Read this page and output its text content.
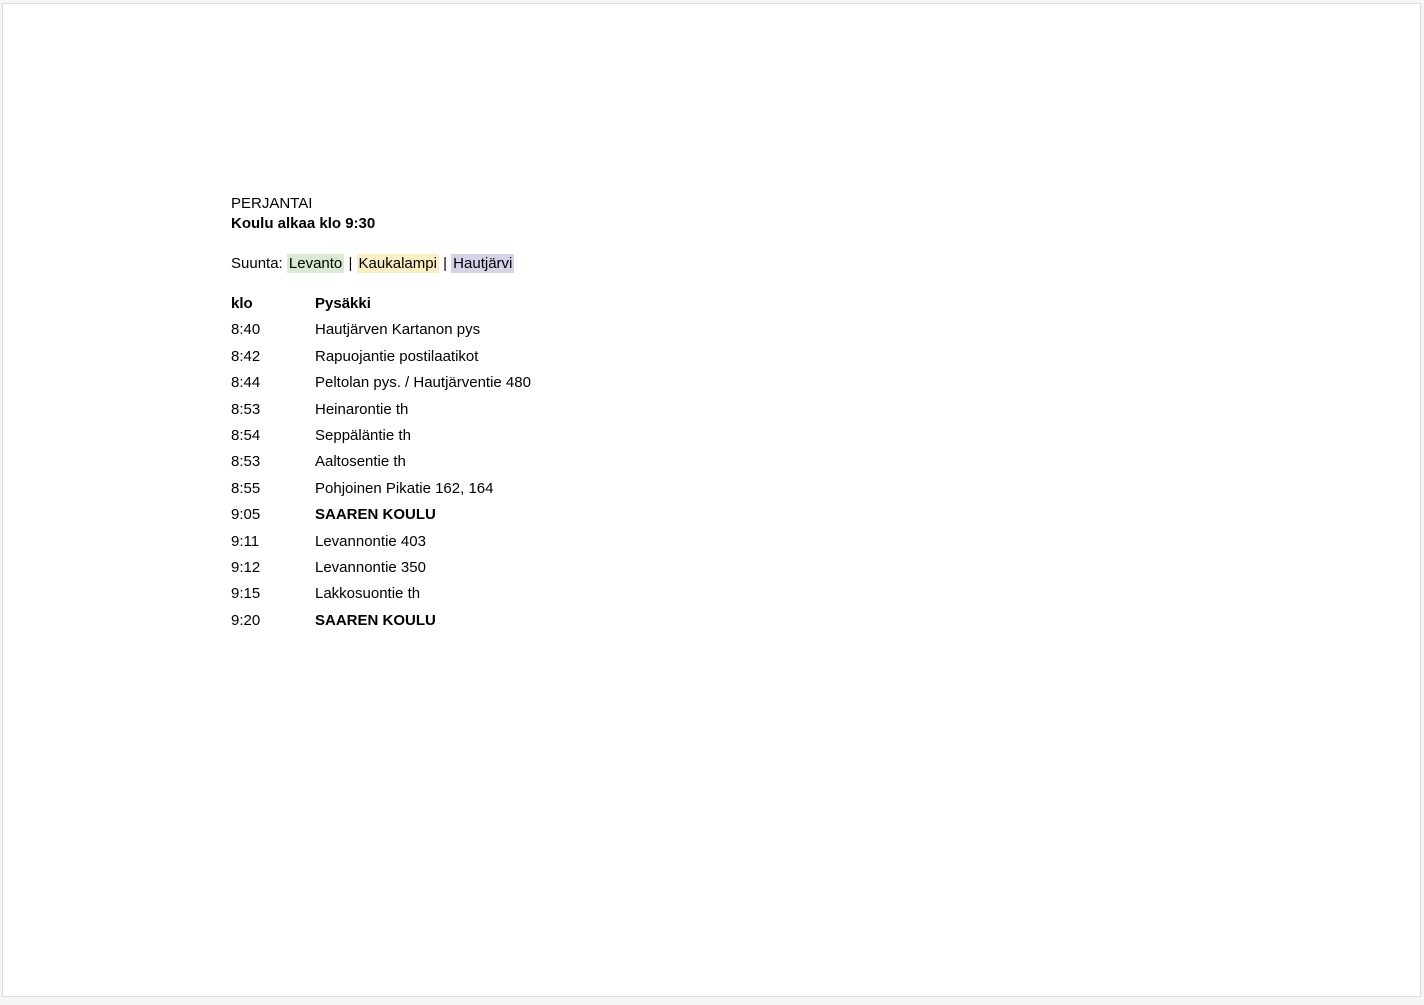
PERJANTAI
Koulu alkaa klo 9:30
Suunta: Levanto | Kaukalampi | Hautjärvi
klo	Pysäkki
8:40	Hautjärven Kartanon pys
8:42	Rapuojantie postilaatikot
8:44	Peltolan pys. / Hautjärventie 480
8:53	Heinarontie th
8:54	Seppäläntie th
8:53	Aaltosentie th
8:55	Pohjoinen Pikatie 162, 164
9:05	SAAREN KOULU
9:11	Levannontie 403
9:12	Levannontie 350
9:15	Lakkosuontie th
9:20	SAAREN KOULU
